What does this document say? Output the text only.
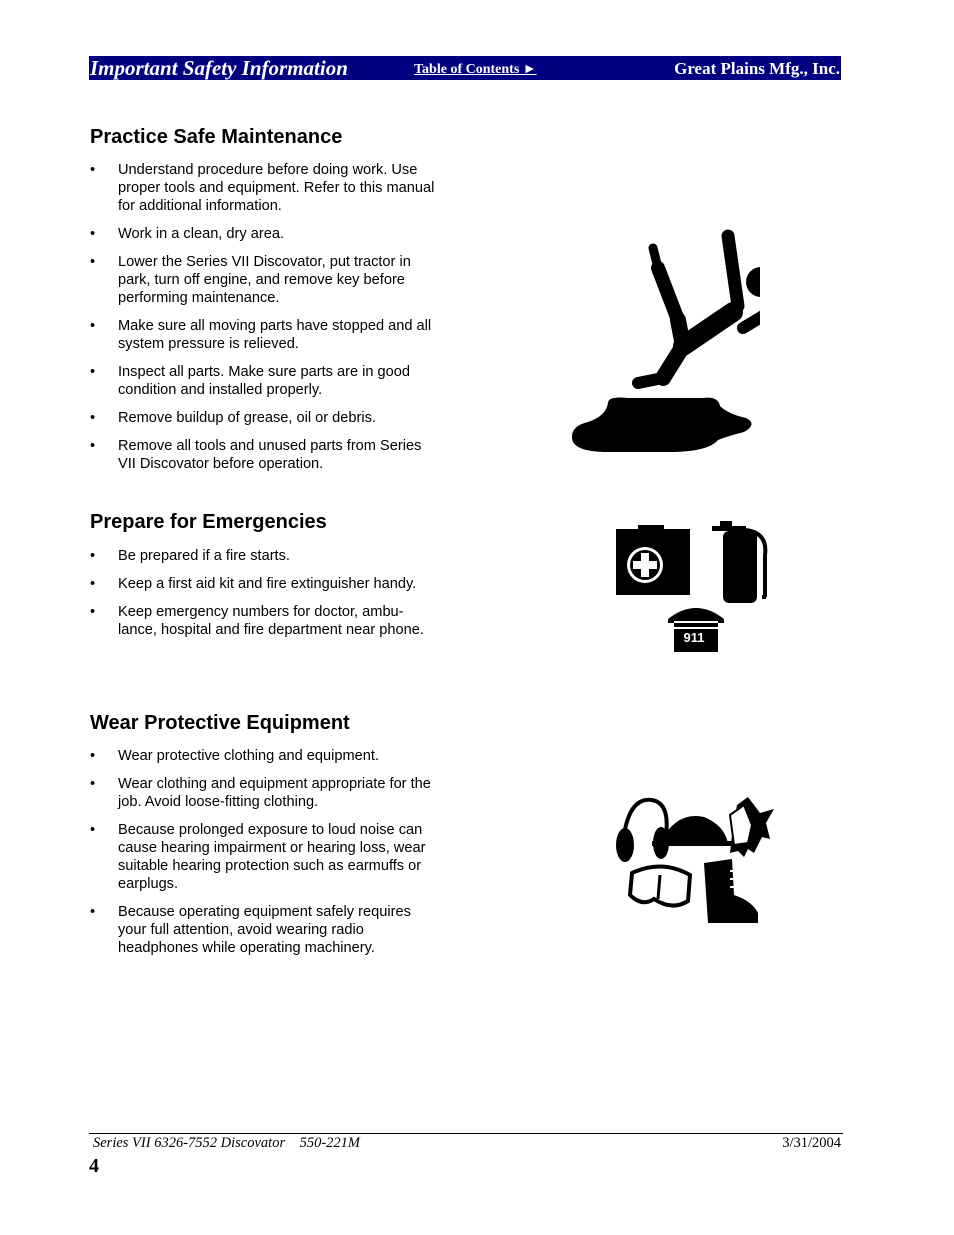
Important Safety Information	Table of Contents ►	Great Plains Mfg., Inc.
Practice Safe Maintenance
• Understand procedure before doing work. Use proper tools and equipment. Refer to this manual for additional information.
• Work in a clean, dry area.
• Lower the Series VII Discovator, put tractor in park, turn off engine, and remove key before performing maintenance.
• Make sure all moving parts have stopped and all system pressure is relieved.
• Inspect all parts. Make sure parts are in good condition and installed properly.
• Remove buildup of grease, oil or debris.
• Remove all tools and unused parts from Series VII Discovator before operation.
Prepare for Emergencies
• Be prepared if a fire starts.
• Keep a first aid kit and fire extinguisher handy.
• Keep emergency numbers for doctor, ambu-lance, hospital and fire department near phone.	911
Wear Protective Equipment
• Wear protective clothing and equipment.
• Wear clothing and equipment appropriate for the job. Avoid loose-fitting clothing.
• Because prolonged exposure to loud noise can cause hearing impairment or hearing loss, wear suitable hearing protection such as earmuffs or earplugs.
• Because operating equipment safely requires your full attention, avoid wearing radio headphones while operating machinery.
Series VII 6326-7552 Discovator    550-221M	3/31/2004
4
